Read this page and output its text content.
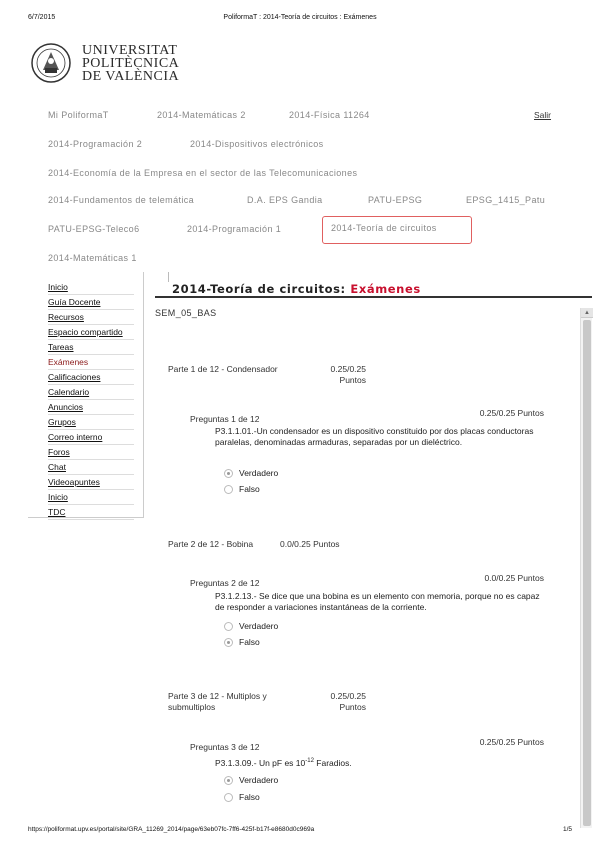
6/7/2015	PoliformaT : 2014-Teoría de circuitos : Exámenes
UNIVERSITAT
POLITÈCNICA
DE VALÈNCIA
Mi PoliformaT	2014-Matemáticas 2	2014-Física 11264	Salir
2014-Programación 2	2014-Dispositivos electrónicos
2014-Economía de la Empresa en el sector de las Telecomunicaciones
2014-Fundamentos de telemática	D.A. EPS Gandia	PATU-EPSG	EPSG_1415_Patu
PATU-EPSG-Teleco6	2014-Programación 1	2014-Teoría de circuitos
2014-Matemáticas 1
Inicio
Guía Docente
Recursos
Espacio compartido
Tareas
Exámenes
Calificaciones
Calendario
Anuncios
Grupos
Correo interno
Foros
Chat
Videoapuntes
Inicio
TDC
2014-Teoría de circuitos: Exámenes
▲
SEM_05_BAS
Parte 1 de 12 - Condensador	0.25/0.25 Puntos
Preguntas 1 de 12
0.25/0.25 Puntos
P3.1.1.01.-Un condensador es un dispositivo constituido por dos placas conductoras paralelas, denominadas armaduras, separadas por un dieléctrico.
Verdadero
Falso
Parte 2 de 12 - Bobina	0.0/0.25 Puntos
Preguntas 2 de 12	0.0/0.25 Puntos
P3.1.2.13.- Se dice que una bobina es un elemento con memoria, porque no es capaz de responder a variaciones instantáneas de la corriente.
Verdadero
Falso
Parte 3 de 12 - Multiplos y submultiplos
0.25/0.25 Puntos
Preguntas 3 de 12	0.25/0.25 Puntos
P3.1.3.09.- Un pF es $10^{-12}$ Faradios.
Verdadero
Falso
https://poliformat.upv.es/portal/site/GRA_11269_2014/page/63eb07fc-7ff6-425f-b17f-e8680d0c969a	1/5
